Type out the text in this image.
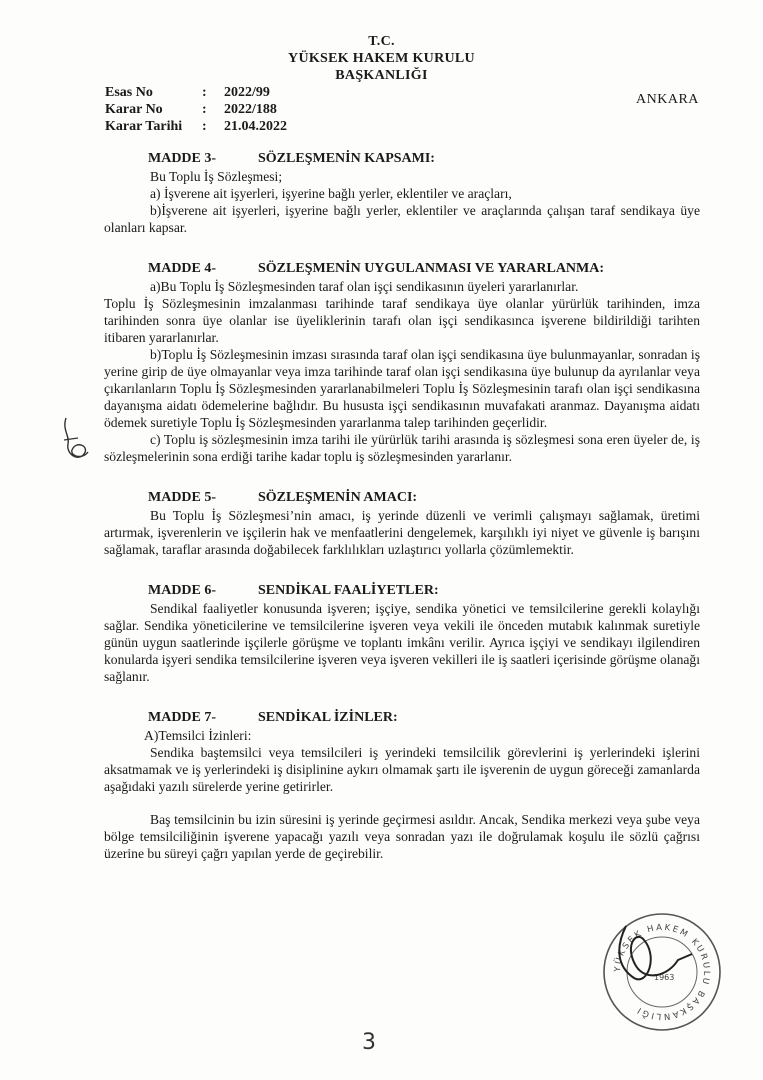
T.C.
YÜKSEK HAKEM KURULU
BAŞKANLIĞI
Esas No	:	2022/99
Karar No	:	2022/188
Karar Tarihi	:	21.04.2022
ANKARA
MADDE 3-	SÖZLEŞMENİN KAPSAMI:

Bu Toplu İş Sözleşmesi;

a) İşverene ait işyerleri, işyerine bağlı yerler, eklentiler ve araçları,

b)İşverene ait işyerleri, işyerine bağlı yerler, eklentiler ve araçlarında çalışan taraf sendikaya üye olanları kapsar.

MADDE 4-	SÖZLEŞMENİN UYGULANMASI VE YARARLANMA:

a)Bu Toplu İş Sözleşmesinden taraf olan işçi sendikasının üyeleri yararlanırlar.

Toplu İş Sözleşmesinin imzalanması tarihinde taraf sendikaya üye olanlar yürürlük tarihinden, imza tarihinden sonra üye olanlar ise üyeliklerinin tarafı olan işçi sendikasınca işverene bildirildiği tarihten itibaren yararlanırlar.

b)Toplu İş Sözleşmesinin imzası sırasında taraf olan işçi sendikasına üye bulunmayanlar, sonradan iş yerine girip de üye olmayanlar veya imza tarihinde taraf olan işçi sendikasına üye bulunup da ayrılanlar veya çıkarılanların Toplu İş Sözleşmesinden yararlanabilmeleri Toplu İş Sözleşmesinin tarafı olan işçi sendikasına dayanışma aidatı ödemelerine bağlıdır. Bu hususta işçi sendikasının muvafakati aranmaz. Dayanışma aidatı ödemek suretiyle Toplu İş Sözleşmesinden yararlanma talep tarihinden geçerlidir.

c) Toplu iş sözleşmesinin imza tarihi ile yürürlük tarihi arasında iş sözleşmesi sona eren üyeler de, iş sözleşmelerinin sona erdiği tarihe kadar toplu iş sözleşmesinden yararlanır.

MADDE 5-	SÖZLEŞMENİN AMACI:

Bu Toplu İş Sözleşmesi’nin amacı, iş yerinde düzenli ve verimli çalışmayı sağlamak, üretimi artırmak, işverenlerin ve işçilerin hak ve menfaatlerini dengelemek, karşılıklı iyi niyet ve güvenle iş barışını sağlamak, taraflar arasında doğabilecek farklılıkları uzlaştırıcı yollarla çözümlemektir.

MADDE 6-	SENDİKAL FAALİYETLER:

Sendikal faaliyetler konusunda işveren; işçiye, sendika yönetici ve temsilcilerine gerekli kolaylığı sağlar. Sendika yöneticilerine ve temsilcilerine işveren veya vekili ile önceden mutabık kalınmak suretiyle günün uygun saatlerinde işçilerle görüşme ve toplantı imkânı verilir. Ayrıca işçiyi ve sendikayı ilgilendiren konularda işyeri sendika temsilcilerine işveren veya işveren vekilleri ile iş saatleri içerisinde görüşme olanağı sağlanır.

MADDE 7-	SENDİKAL İZİNLER:

A)Temsilci İzinleri:

Sendika baştemsilci veya temsilcileri iş yerindeki temsilcilik görevlerini iş yerlerindeki işlerini aksatmamak ve iş yerlerindeki iş disiplinine aykırı olmamak şartı ile işverenin de uygun göreceği zamanlarda aşağıdaki yazılı sürelerde yerine getirirler.

Baş temsilcinin bu izin süresini iş yerinde geçirmesi asıldır. Ancak, Sendika merkezi veya şube veya bölge temsilciliğinin işverene yapacağı yazılı veya sonradan yazı ile doğrulamak koşulu ile sözlü çağrısı üzerine bu süreyi çağrı yapılan yerde de geçirebilir.

YÜKSEK HAKEM KURULU BAŞKANLIĞI
1963
3
